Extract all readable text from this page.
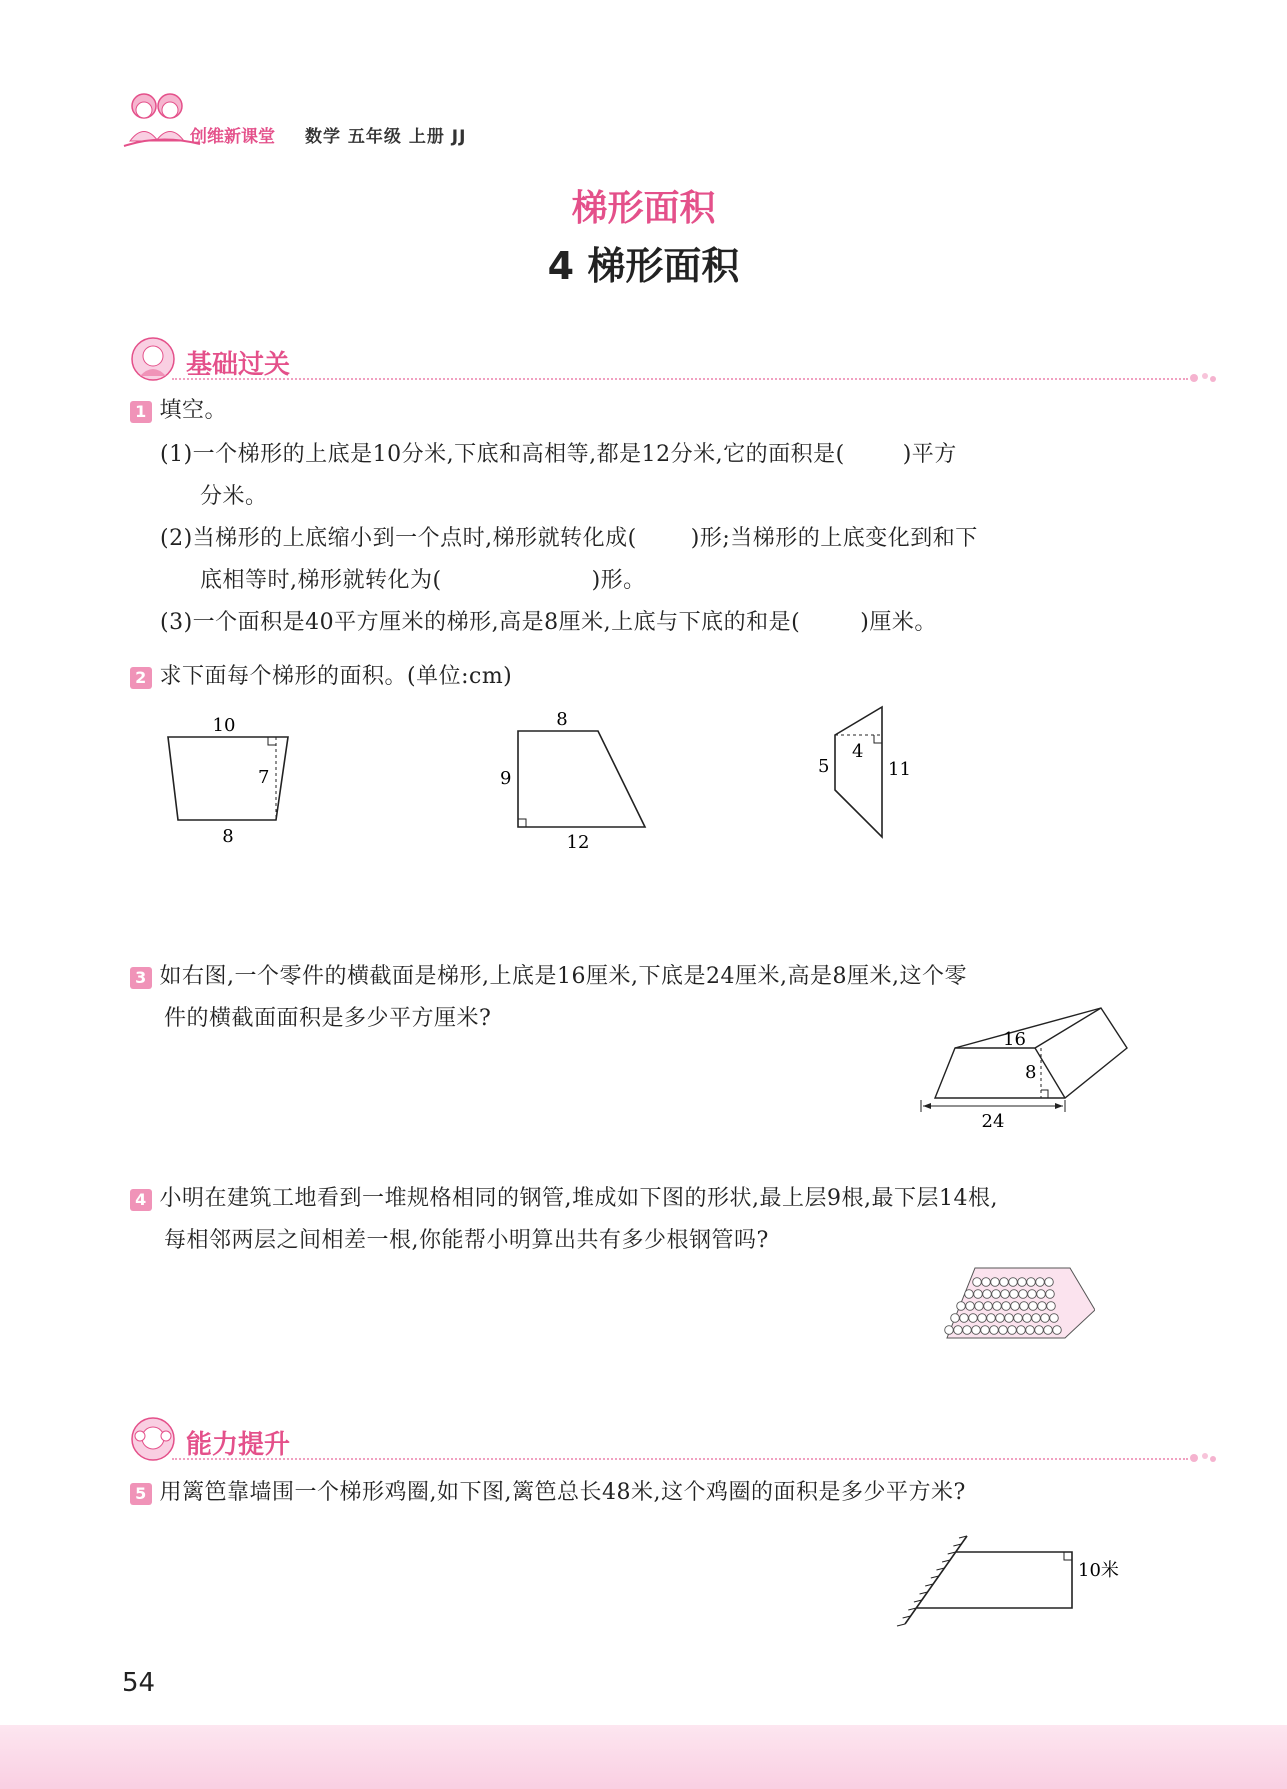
创维新课堂 数学 五年级 上册 JJ
梯形面积
4 梯形面积
基础过关
1 填空。
(1)一个梯形的上底是10分米,下底和高相等,都是12分米,它的面积是(	)平方
分米。
(2)当梯形的上底缩小到一个点时,梯形就转化成( )形;当梯形的上底变化到和下
底相等时,梯形就转化为(	)形。
(3)一个面积是40平方厘米的梯形,高是8厘米,上底与下底的和是(	)厘米。
2 求下面每个梯形的面积。(单位:cm)
10
7
8
8
9
12
5
4
11
3 如右图,一个零件的横截面是梯形,上底是16厘米,下底是24厘米,高是8厘米,这个零
件的横截面面积是多少平方厘米?
16
8
24
4 小明在建筑工地看到一堆规格相同的钢管,堆成如下图的形状,最上层9根,最下层14根,
每相邻两层之间相差一根,你能帮小明算出共有多少根钢管吗?
能力提升
5 用篱笆靠墙围一个梯形鸡圈,如下图,篱笆总长48米,这个鸡圈的面积是多少平方米?
10米
54
